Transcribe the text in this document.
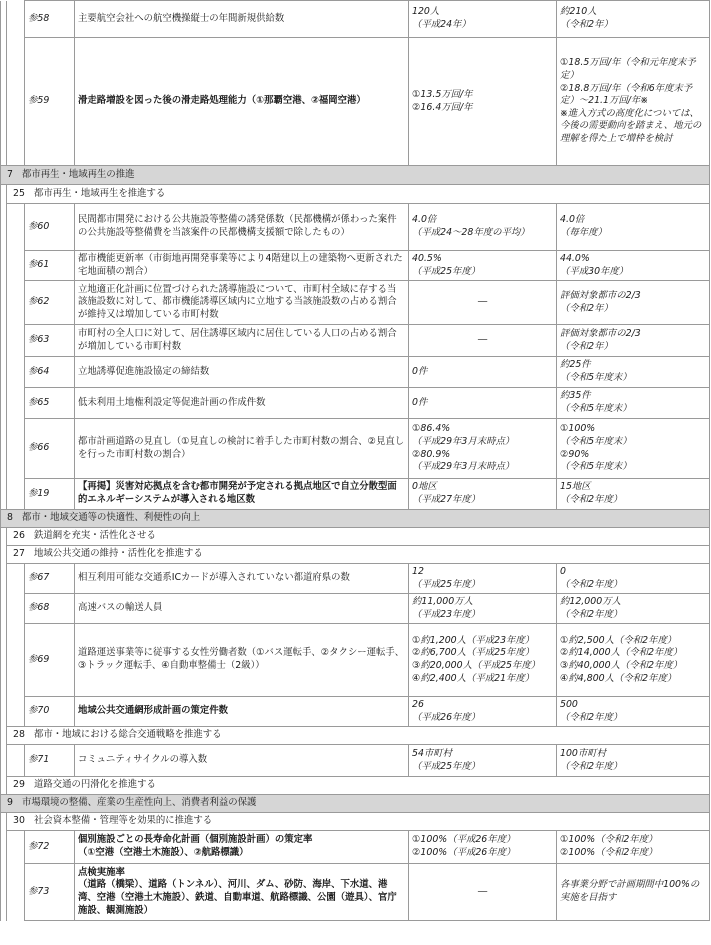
		参58	主要航空会社への航空機操縦士の年間新規供給数	120人
（平成24年）	約210人
（令和2年）
		参59	滑走路増設を図った後の滑走路処理能力（①那覇空港、②福岡空港）	①13.5万回/年
②16.4万回/年	①18.5万回/年（令和元年度末予定）
②18.8万回/年（令和6年度末予定）～21.1万回/年※
※進入方式の高度化については、今後の需要動向を踏まえ、地元の理解を得た上で増枠を検討
7 都市再生・地域再生の推進					
	25 都市再生・地域再生を推進する				
		参60	民間都市開発における公共施設等整備の誘発係数（民都機構が係わった案件の公共施設等整備費を当該案件の民都機構支援額で除したもの）	4.0倍
（平成24～28年度の平均）	4.0倍
（毎年度）
		参61	都市機能更新率（市街地再開発事業等により4階建以上の建築物へ更新された宅地面積の割合）	40.5%
（平成25年度）	44.0%
（平成30年度）
		参62	立地適正化計画に位置づけられた誘導施設について、市町村全域に存する当該施設数に対して、都市機能誘導区域内に立地する当該施設数の占める割合が維持又は増加している市町村数	―	評価対象都市の2/3
（令和2年）
		参63	市町村の全人口に対して、居住誘導区域内に居住している人口の占める割合が増加している市町村数	―	評価対象都市の2/3
（令和2年）
		参64	立地誘導促進施設協定の締結数	0件	約25件
（令和5年度末）
		参65	低未利用土地権利設定等促進計画の作成件数	0件	約35件
（令和5年度末）
		参66	都市計画道路の見直し（①見直しの検討に着手した市町村数の割合、②見直しを行った市町村数の割合）	①86.4%
（平成29年3月末時点）
②80.9%
（平成29年3月末時点）	①100%
（令和5年度末）
②90%
（令和5年度末）
		参19	【再掲】災害対応拠点を含む都市開発が予定される拠点地区で自立分散型面的エネルギーシステムが導入される地区数	0地区
（平成27年度）	15地区
（令和2年度）
8 都市・地域交通等の快適性、利便性の向上					
	26 鉄道網を充実・活性化させる				
	27 地域公共交通の維持・活性化を推進する				
		参67	相互利用可能な交通系ICカードが導入されていない都道府県の数	12
（平成25年度）	0
（令和2年度）
		参68	高速バスの輸送人員	約11,000万人
（平成23年度）	約12,000万人
（令和2年度）
		参69	道路運送事業等に従事する女性労働者数（①バス運転手、②タクシー運転手、③トラック運転手、④自動車整備士（2級））	①約1,200人（平成23年度）
②約6,700人（平成25年度）
③約20,000人（平成25年度）
④約2,400人（平成21年度）	①約2,500人（令和2年度）
②約14,000人（令和2年度）
③約40,000人（令和2年度）
④約4,800人（令和2年度）
		参70	地域公共交通網形成計画の策定件数	26
（平成26年度）	500
（令和2年度）
	28 都市・地域における総合交通戦略を推進する				
		参71	コミュニティサイクルの導入数	54市町村
（平成25年度）	100市町村
（令和2年度）
	29 道路交通の円滑化を推進する				
9 市場環境の整備、産業の生産性向上、消費者利益の保護					
	30 社会資本整備・管理等を効果的に推進する				
		参72	個別施設ごとの長寿命化計画（個別施設計画）の策定率
（①空港（空港土木施設）、②航路標識）	①100%（平成26年度）
②100%（平成26年度）	①100%（令和2年度）
②100%（令和2年度）
		参73	点検実施率
（道路（橋梁）、道路（トンネル）、河川、ダム、砂防、海岸、下水道、港湾、空港（空港土木施設）、鉄道、自動車道、航路標識、公園（遊具）、官庁施設、観測施設）	―	各事業分野で計画期間中100%の実施を目指す
